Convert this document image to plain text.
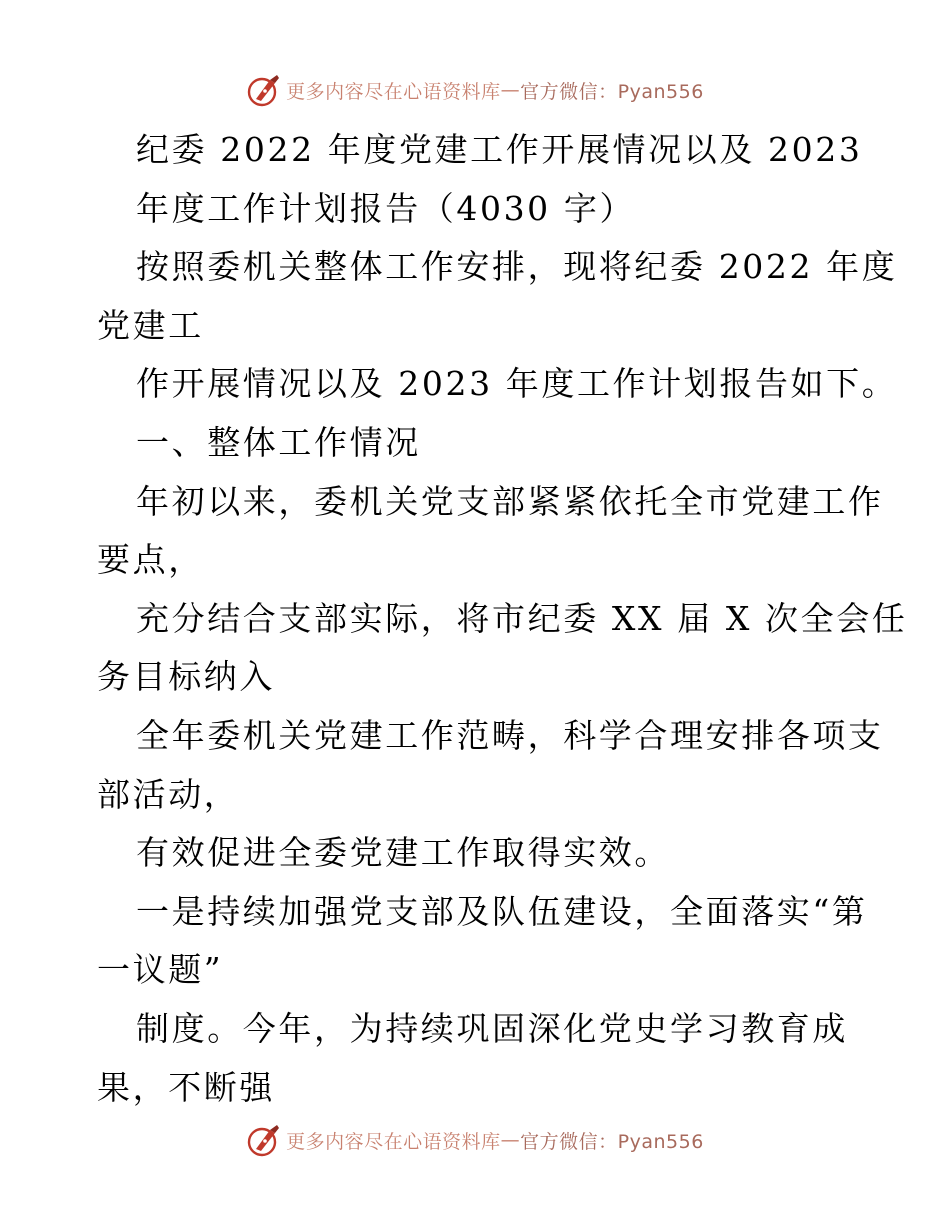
更多内容尽在心语资料库 — 官方微信：Pyan556
纪委 2022 年度党建工作开展情况以及 2023
年度工作计划报告（4030 字）
按照委机关整体工作安排，现将纪委 2022 年度
党建工
作开展情况以及 2023 年度工作计划报告如下。
一、整体工作情况
年初以来，委机关党支部紧紧依托全市党建工作
要点，
充分结合支部实际，将市纪委 XX 届 X 次全会任
务目标纳入
全年委机关党建工作范畴，科学合理安排各项支
部活动，
有效促进全委党建工作取得实效。
一是持续加强党支部及队伍建设，全面落实“第
一议题”
制度。今年，为持续巩固深化党史学习教育成
果，不断强
更多内容尽在心语资料库 — 官方微信：Pyan556
